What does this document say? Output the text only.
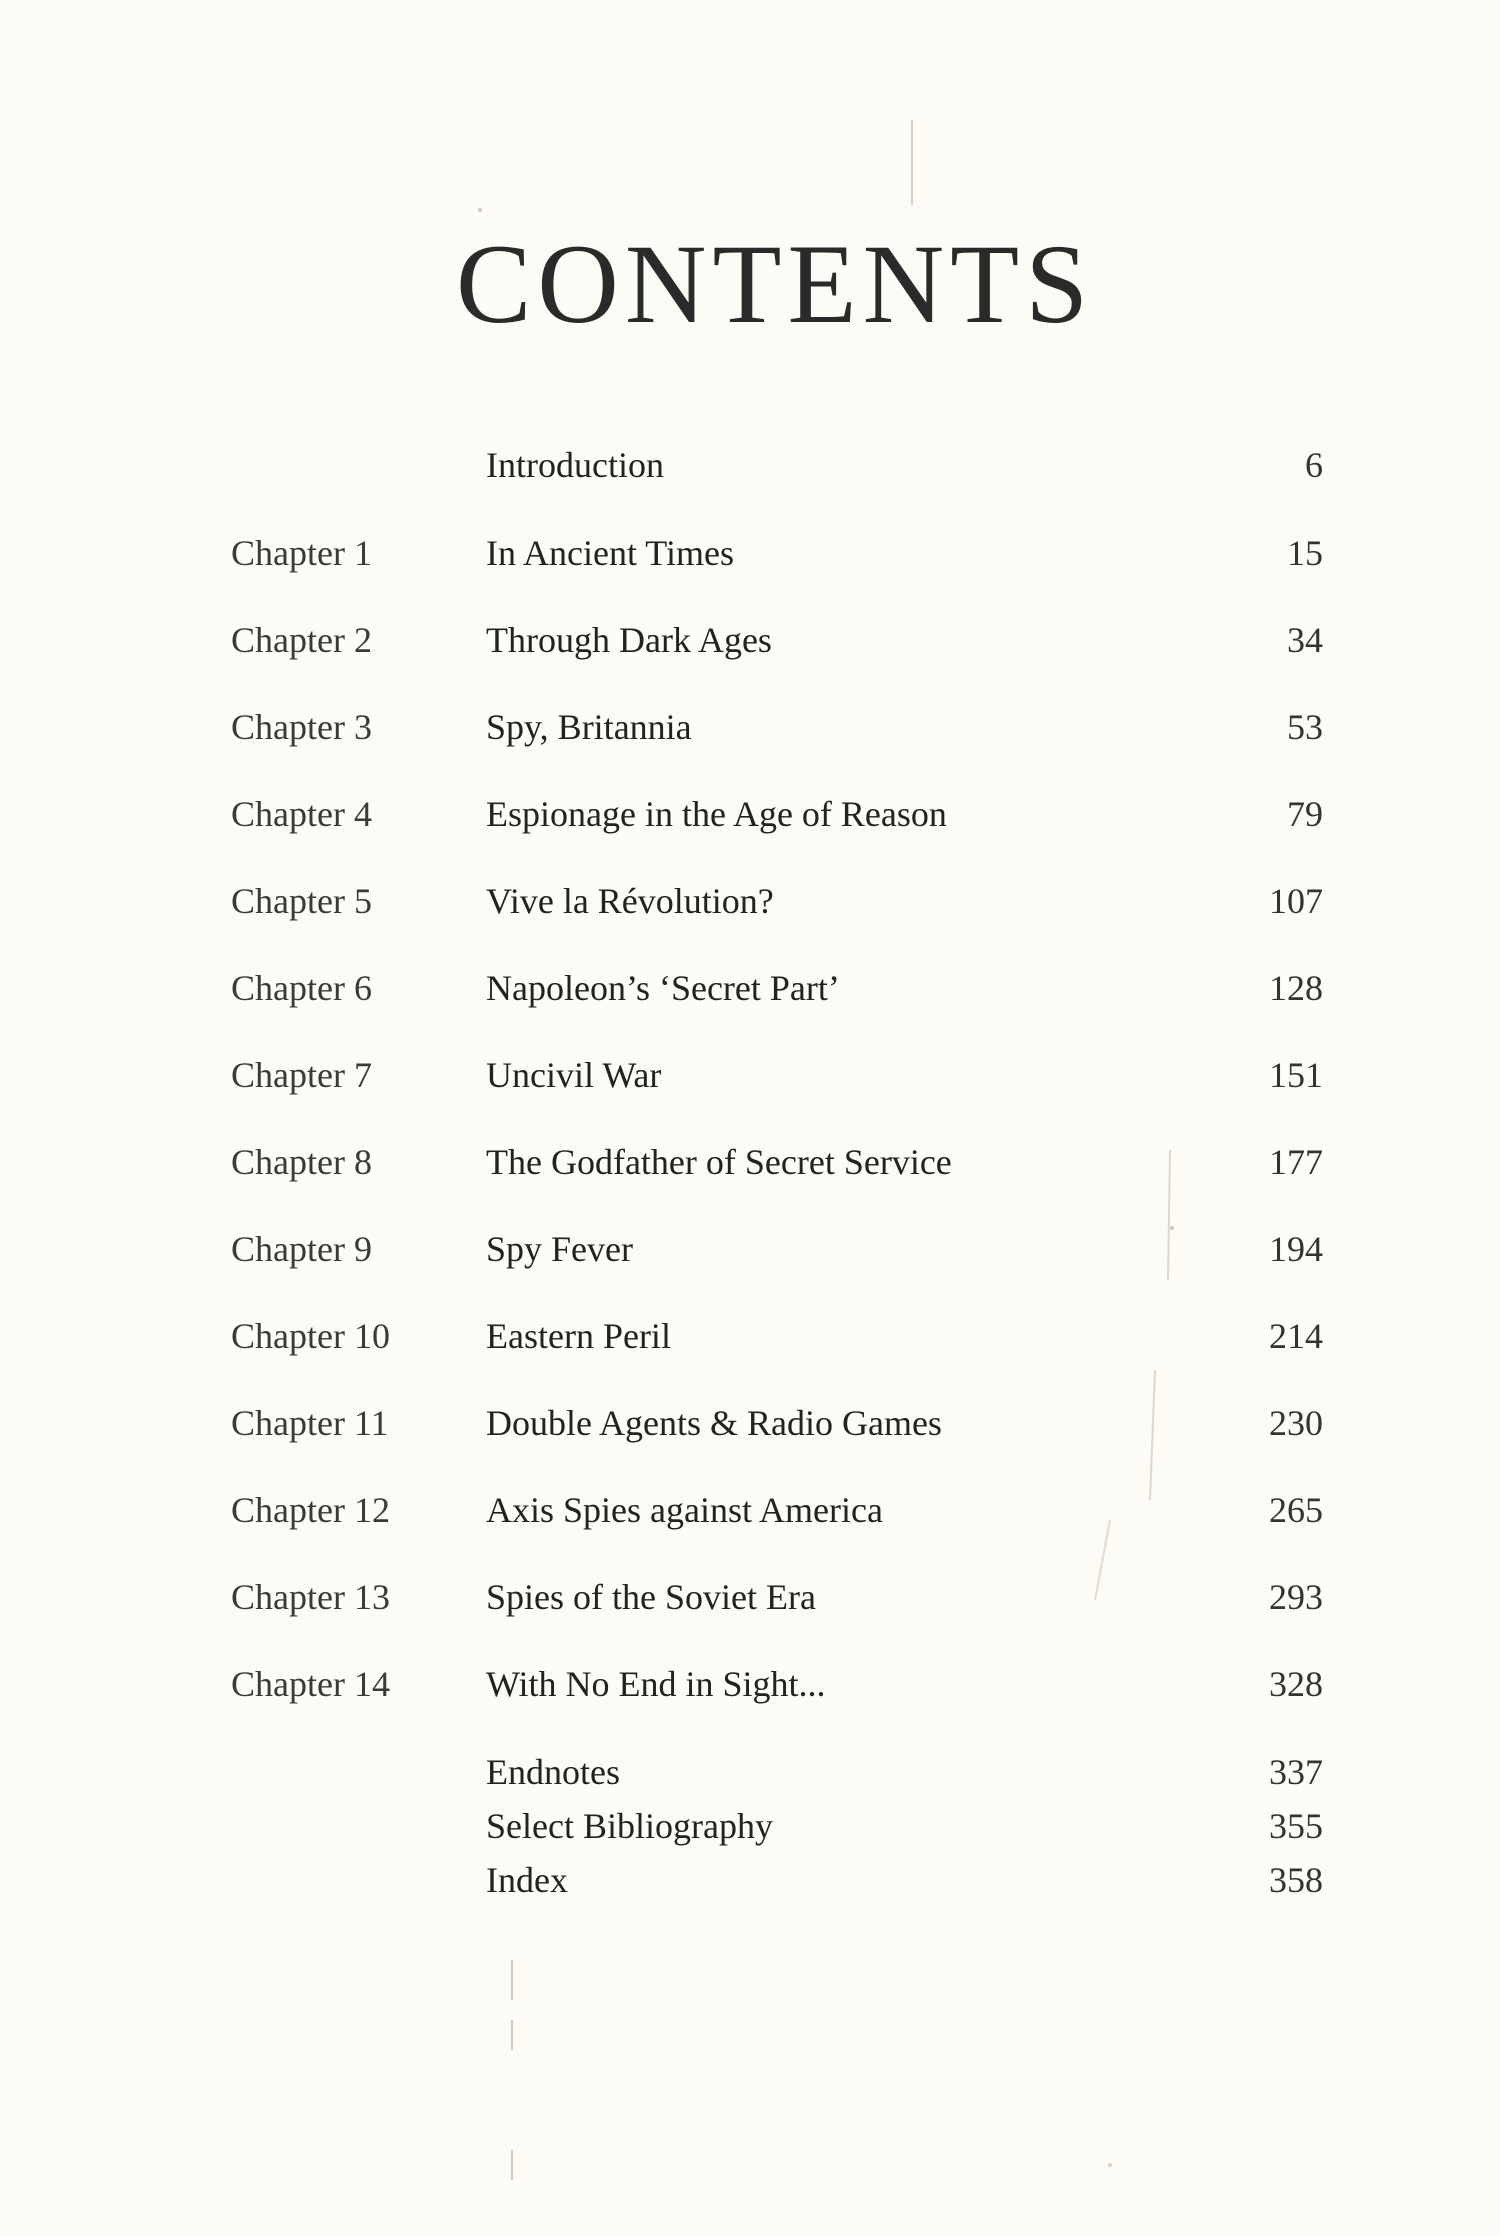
CONTENTS
Introduction	6
Chapter 1	In Ancient Times	15
Chapter 2	Through Dark Ages	34
Chapter 3	Spy, Britannia	53
Chapter 4	Espionage in the Age of Reason	79
Chapter 5	Vive la Révolution?	107
Chapter 6	Napoleon’s ‘Secret Part’	128
Chapter 7	Uncivil War	151
Chapter 8	The Godfather of Secret Service	177
Chapter 9	Spy Fever	194
Chapter 10	Eastern Peril	214
Chapter 11	Double Agents & Radio Games	230
Chapter 12	Axis Spies against America	265
Chapter 13	Spies of the Soviet Era	293
Chapter 14	With No End in Sight...	328
Endnotes	337
Select Bibliography	355
Index	358
